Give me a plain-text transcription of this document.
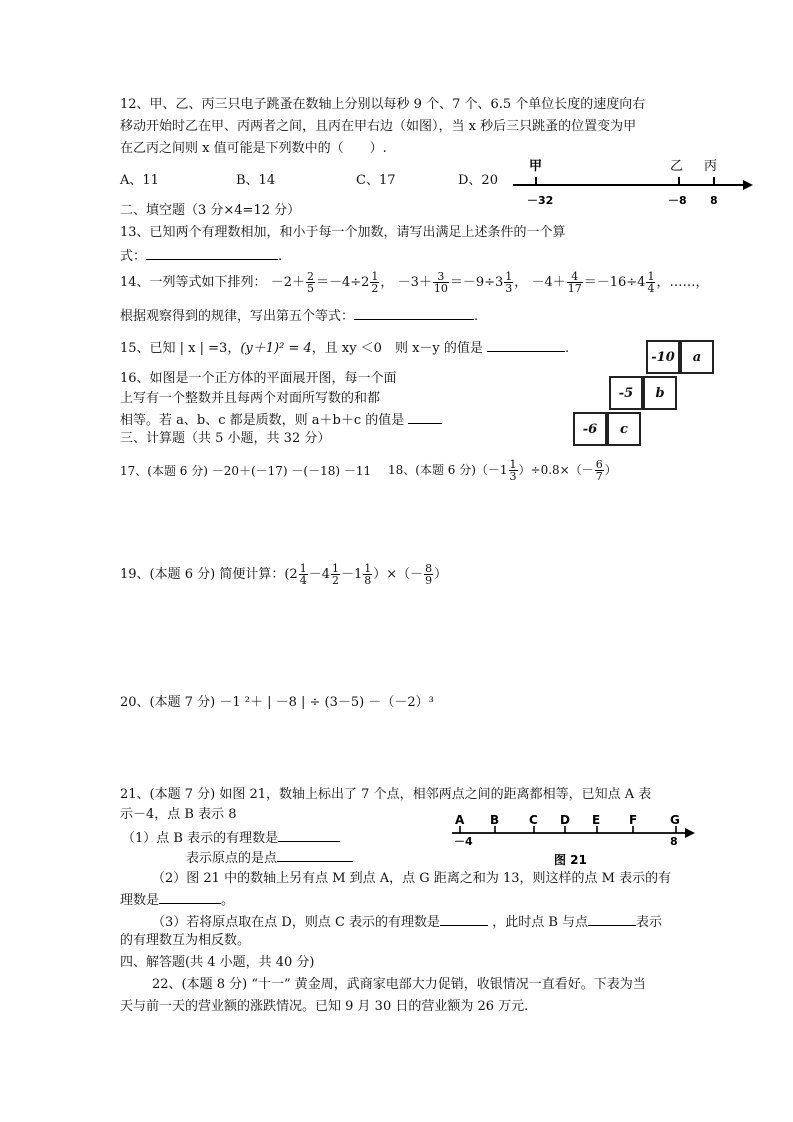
12、甲、乙、丙三只电子跳蚤在数轴上分别以每秒 9 个、7 个、6.5 个单位长度的速度向右
移动开始时乙在甲、丙两者之间，且丙在甲右边（如图），当 x 秒后三只跳蚤的位置变为甲
在乙丙之间则 x 值可能是下列数中的（　　）.
A、11	B、14	C、17	D、20
甲	乙 丙
－32	－8 8
二、填空题（3 分×4=12 分）
13、已知两个有理数相加，和小于每一个加数，请写出满足上述条件的一个算
式：	.
14、一列等式如下排列： $-2+ \frac{2}{5} =-4\div 2 \frac{1}{2}$ ， $-3+ \frac{3}{10} =-9\div 3 \frac{1}{3}$ ， $-4+ \frac{4}{17} =-16\div 4 \frac{1}{4}$ ，……，
根据观察得到的规律，写出第五个等式：	.
15、已知 | x | =3，(y＋1)² = 4，且 xy ＜0　则 x－y 的值是	.
16、如图是一个正方体的平面展开图，每一个面
上写有一个整数并且每两个对面所写数的和都
相等。若 a、b、c 都是质数，则 a＋b＋c 的值是
-10	a
-5	b
-6	c
三、计算题（共 5 小题，共 32 分）
17、(本题 6 分) －20＋(－17) －(－18) －11 18、(本题 6 分)$(-1 \frac{1}{3} )\div 0.8\times(- \frac{6}{7}$ ）
19、(本题 6 分) 简便计算：($2 \frac{1}{4} -4 \frac{1}{2} -1 \frac{1}{8}$ ）×（－ $\frac{8}{9}$ ）
20、(本题 7 分) －1 ²＋ | －8 | ÷ (3－5) －（－2）³
21、(本题 7 分) 如图 21，数轴上标出了 7 个点，相邻两点之间的距离都相等，已知点 A 表
示－4，点 B 表示 8
（1）点 B 表示的有理数是
表示原点的是点
（2）图 21 中的数轴上另有点 M 到点 A，点 G 距离之和为 13，则这样的点 M 表示的有
理数是	。
（3）若将原点取在点 D，则点 C 表示的有理数是	，此时点 B 与点	表示
的有理数互为相反数。
A B C D E F	G
－4	8
图 21
四、解答题(共 4 小题，共 40 分)
22、(本题 8 分) “十一” 黄金周，武商家电部大力促销，收银情况一直看好。下表为当
天与前一天的营业额的涨跌情况。已知 9 月 30 日的营业额为 26 万元.
